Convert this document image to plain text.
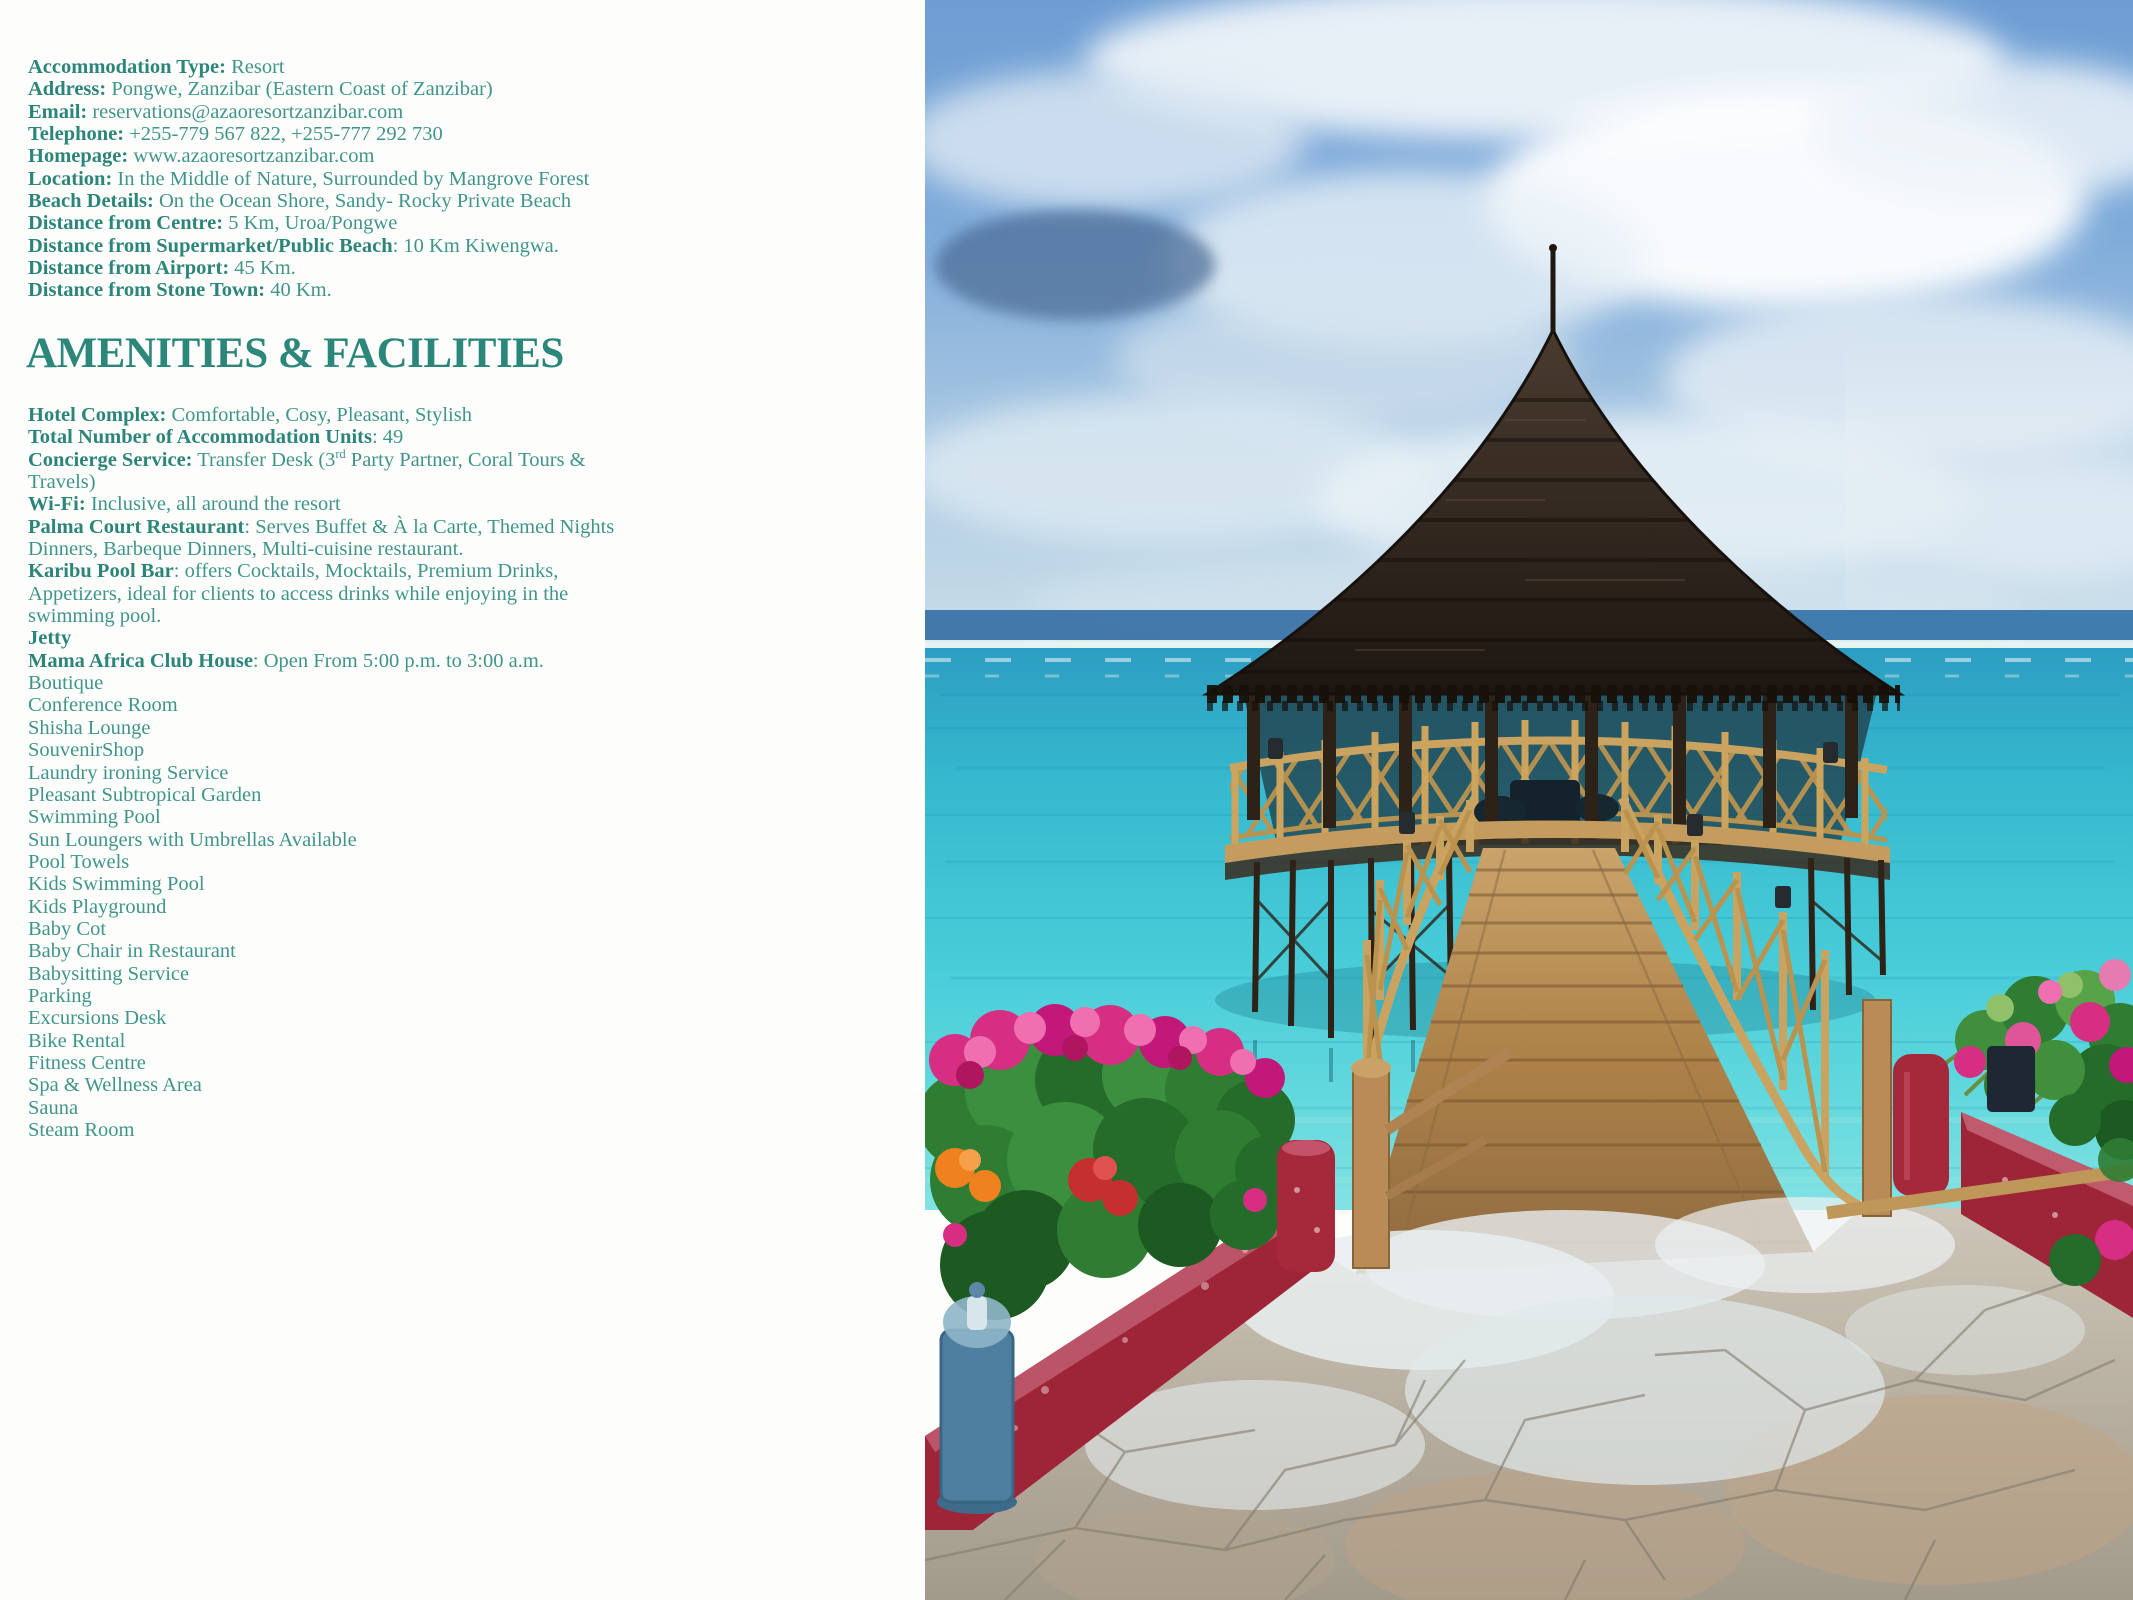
Accommodation Type: Resort
Address: Pongwe, Zanzibar (Eastern Coast of Zanzibar)
Email: reservations@azaoresortzanzibar.com
Telephone: +255-779 567 822, +255-777 292 730
Homepage: www.azaoresortzanzibar.com
Location: In the Middle of Nature, Surrounded by Mangrove Forest
Beach Details: On the Ocean Shore, Sandy- Rocky Private Beach
Distance from Centre: 5 Km, Uroa/Pongwe
Distance from Supermarket/Public Beach: 10 Km Kiwengwa.
Distance from Airport: 45 Km.
Distance from Stone Town: 40 Km.
AMENITIES & FACILITIES
Hotel Complex: Comfortable, Cosy, Pleasant, Stylish
Total Number of Accommodation Units: 49
Concierge Service: Transfer Desk (3rd Party Partner, Coral Tours & Travels)
Wi-Fi: Inclusive, all around the resort
Palma Court Restaurant: Serves Buffet & À la Carte, Themed Nights Dinners, Barbeque Dinners, Multi-cuisine restaurant.
Karibu Pool Bar: offers Cocktails, Mocktails, Premium Drinks, Appetizers, ideal for clients to access drinks while enjoying in the swimming pool.
Jetty
Mama Africa Club House: Open From 5:00 p.m. to 3:00 a.m.
Boutique
Conference Room
Shisha Lounge
SouvenirShop
Laundry ironing Service
Pleasant Subtropical Garden
Swimming Pool
Sun Loungers with Umbrellas Available
Pool Towels
Kids Swimming Pool
Kids Playground
Baby Cot
Baby Chair in Restaurant
Babysitting Service
Parking
Excursions Desk
Bike Rental
Fitness Centre
Spa & Wellness Area
Sauna
Steam Room
